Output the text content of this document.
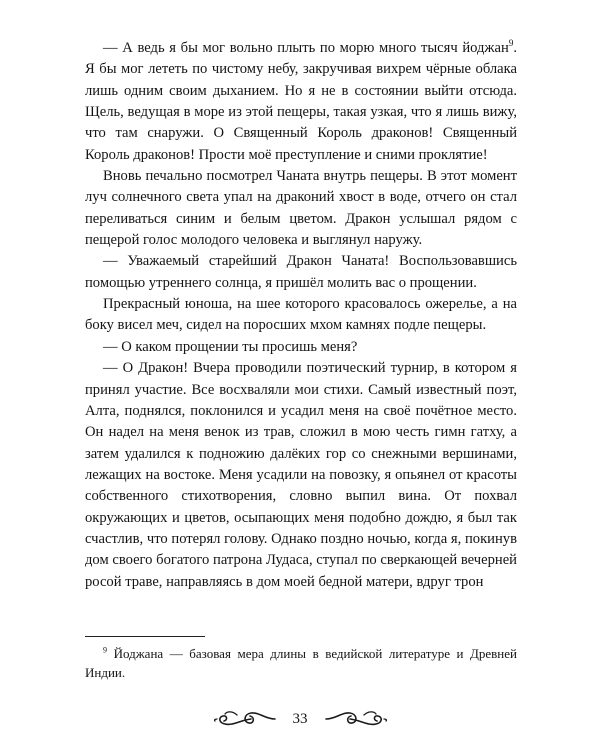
— А ведь я бы мог вольно плыть по морю много тысяч йоджан$^9$. Я бы мог лететь по чистому небу, закручивая вихрем чёрные облака лишь одним своим дыханием. Но я не в состоянии выйти отсюда. Щель, ведущая в море из этой пещеры, такая узкая, что я лишь вижу, что там снаружи. О Священный Король драконов! Священный Король драконов! Прости моё преступление и сними проклятие!

Вновь печально посмотрел Чаната внутрь пещеры. В этот момент луч солнечного света упал на драконий хвост в воде, отчего он стал переливаться синим и белым цветом. Дракон услышал рядом с пещерой голос молодого человека и выглянул наружу.

— Уважаемый старейший Дракон Чаната! Воспользовавшись помощью утреннего солнца, я пришёл молить вас о прощении.

Прекрасный юноша, на шее которого красовалось ожерелье, а на боку висел меч, сидел на поросших мхом камнях подле пещеры.

— О каком прощении ты просишь меня?

— О Дракон! Вчера проводили поэтический турнир, в котором я принял участие. Все восхваляли мои стихи. Самый известный поэт, Алта, поднялся, поклонился и усадил меня на своё почётное место. Он надел на меня венок из трав, сложил в мою честь гимн гатху, а затем удалился к подножию далёких гор со снежными вершинами, лежащих на востоке. Меня усадили на повозку, я опьянел от красоты собственного стихотворения, словно выпил вина. От похвал окружающих и цветов, осыпающих меня подобно дождю, я был так счастлив, что потерял голову. Однако поздно ночью, когда я, покинув дом своего богатого патрона Лудаса, ступал по сверкающей вечерней росой траве, направляясь в дом моей бедной матери, вдруг трон

$^9$ Йоджана — базовая мера длины в ведийской литературе и Древней Индии.

33
